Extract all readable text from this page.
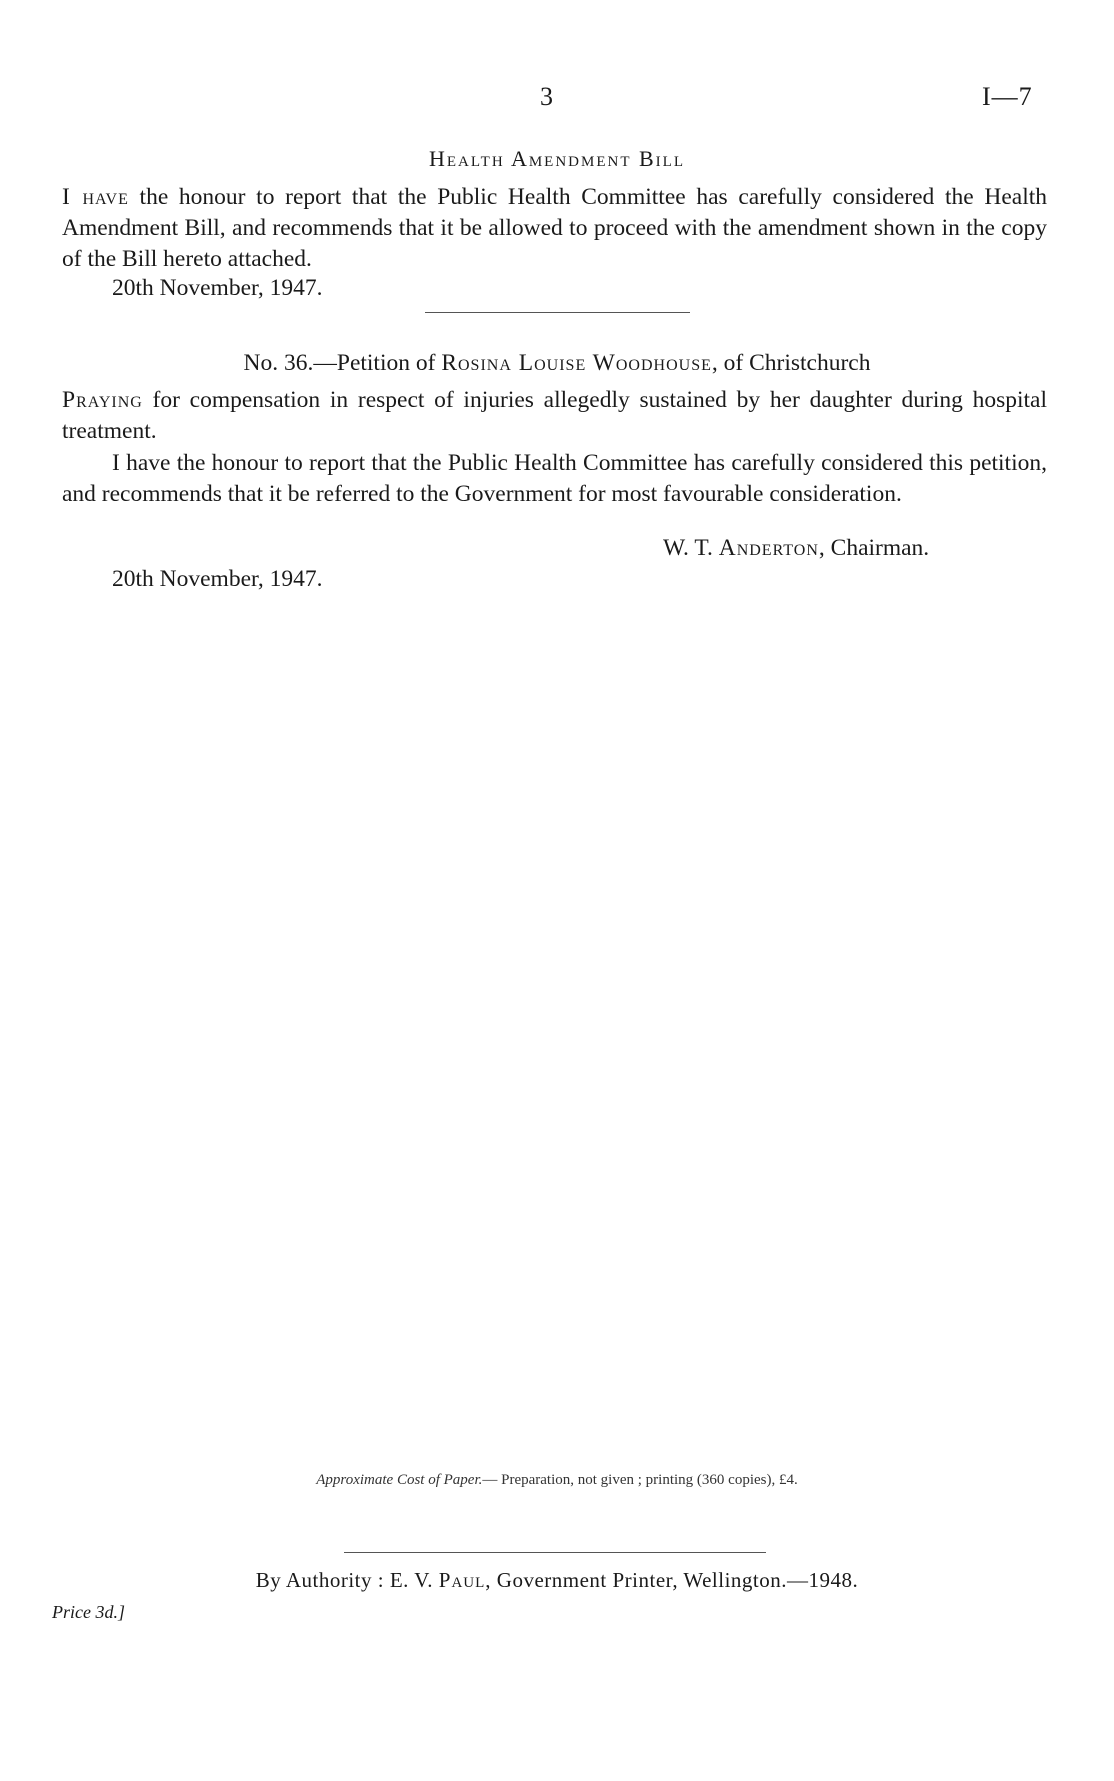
3	I—7
Health Amendment Bill

I have the honour to report that the Public Health Committee has carefully considered the Health Amendment Bill, and recommends that it be allowed to proceed with the amendment shown in the copy of the Bill hereto attached.

20th November, 1947.
No. 36.—Petition of Rosina Louise Woodhouse, of Christchurch

Praying for compensation in respect of injuries allegedly sustained by her daughter during hospital treatment.

I have the honour to report that the Public Health Committee has carefully considered this petition, and recommends that it be referred to the Government for most favourable consideration.

W. T. Anderton, Chairman.
20th November, 1947.
Approximate Cost of Paper.— Preparation, not given ; printing (360 copies), £4.
By Authority : E. V. Paul, Government Printer, Wellington.—1948.
Price 3d.]
